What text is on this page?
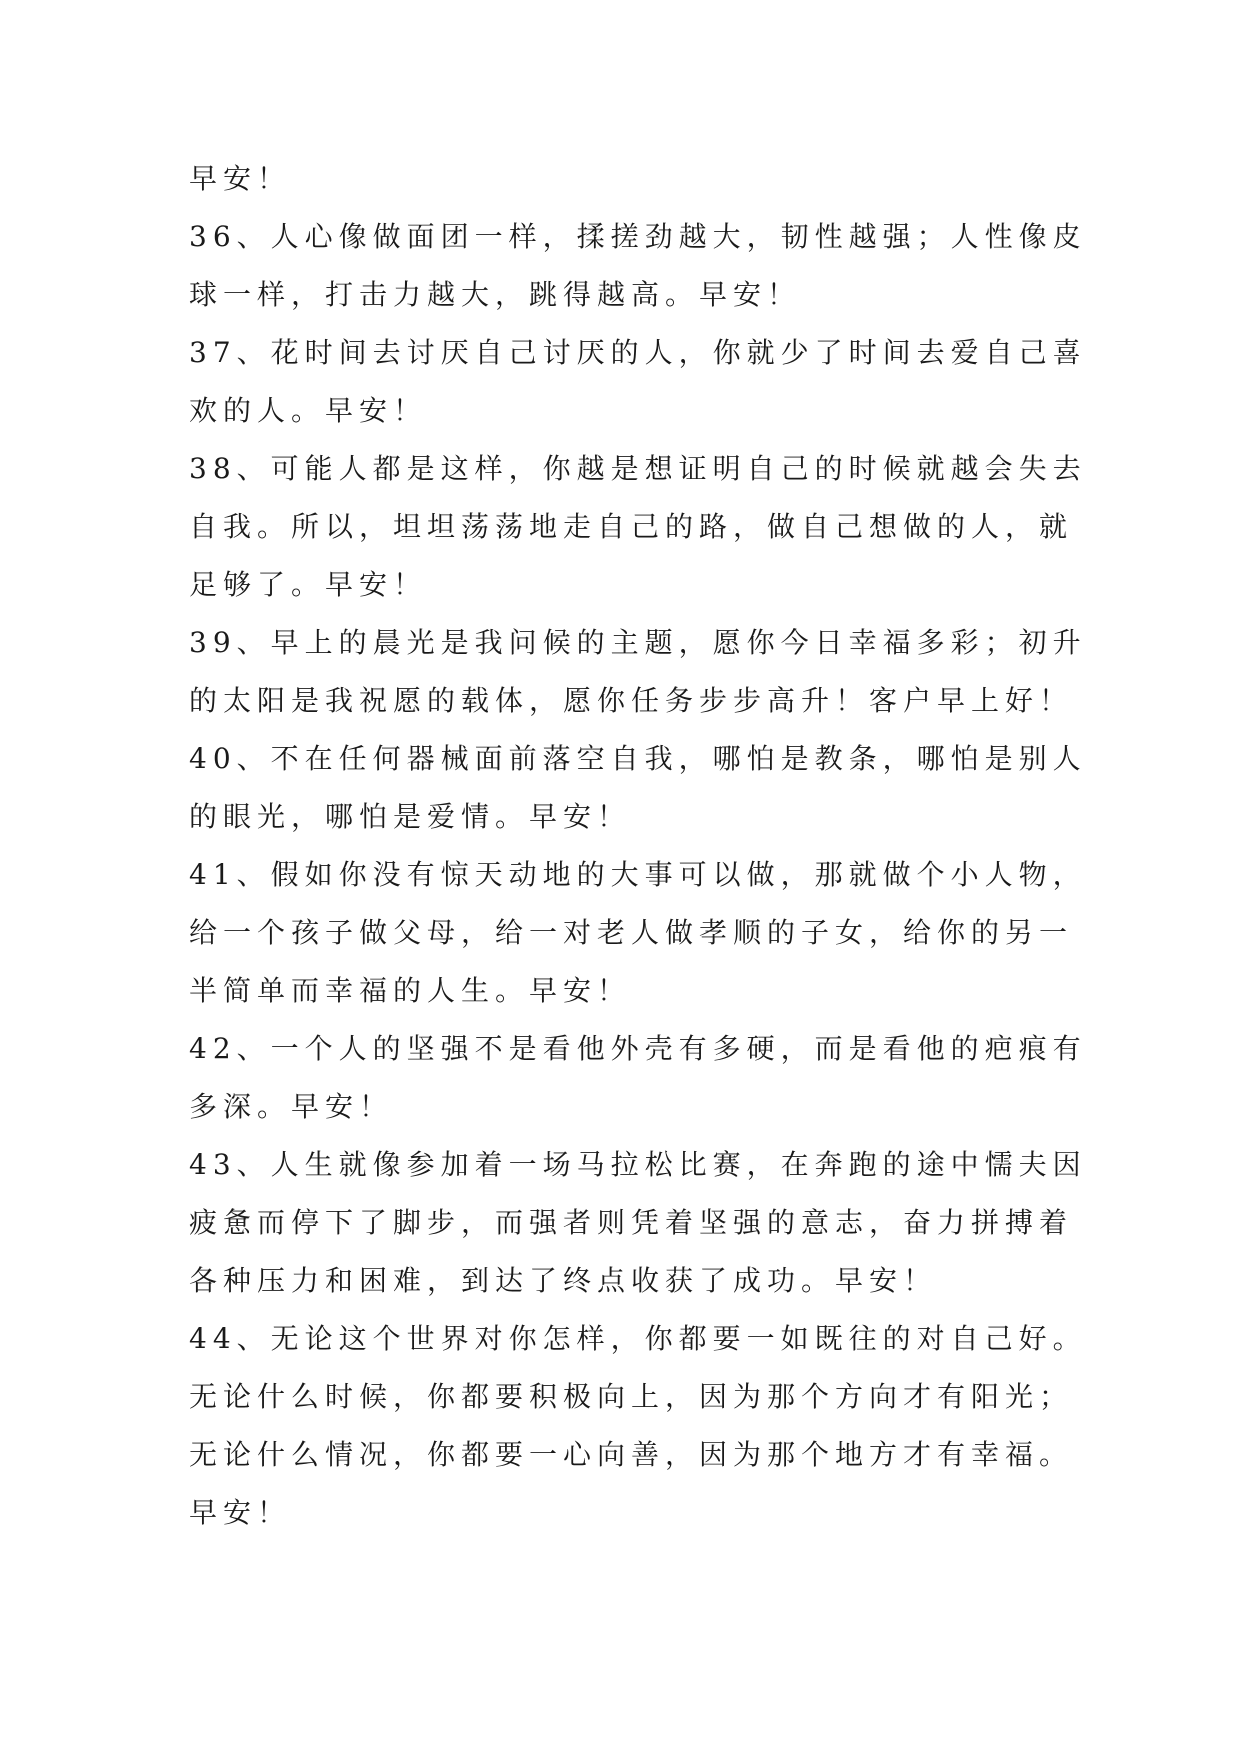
早安！
36、人心像做面团一样，揉搓劲越大，韧性越强；人性像皮
球一样，打击力越大，跳得越高。早安！
37、花时间去讨厌自己讨厌的人，你就少了时间去爱自己喜
欢的人。早安！
38、可能人都是这样，你越是想证明自己的时候就越会失去
自我。所以，坦坦荡荡地走自己的路，做自己想做的人，就
足够了。早安！
39、早上的晨光是我问候的主题，愿你今日幸福多彩；初升
的太阳是我祝愿的载体，愿你任务步步高升！客户早上好！
40、不在任何器械面前落空自我，哪怕是教条，哪怕是别人
的眼光，哪怕是爱情。早安！
41、假如你没有惊天动地的大事可以做，那就做个小人物，
给一个孩子做父母，给一对老人做孝顺的子女，给你的另一
半简单而幸福的人生。早安！
42、一个人的坚强不是看他外壳有多硬，而是看他的疤痕有
多深。早安！
43、人生就像参加着一场马拉松比赛，在奔跑的途中懦夫因
疲惫而停下了脚步，而强者则凭着坚强的意志，奋力拼搏着
各种压力和困难，到达了终点收获了成功。早安！
44、无论这个世界对你怎样，你都要一如既往的对自己好。
无论什么时候，你都要积极向上，因为那个方向才有阳光；
无论什么情况，你都要一心向善，因为那个地方才有幸福。
早安！
